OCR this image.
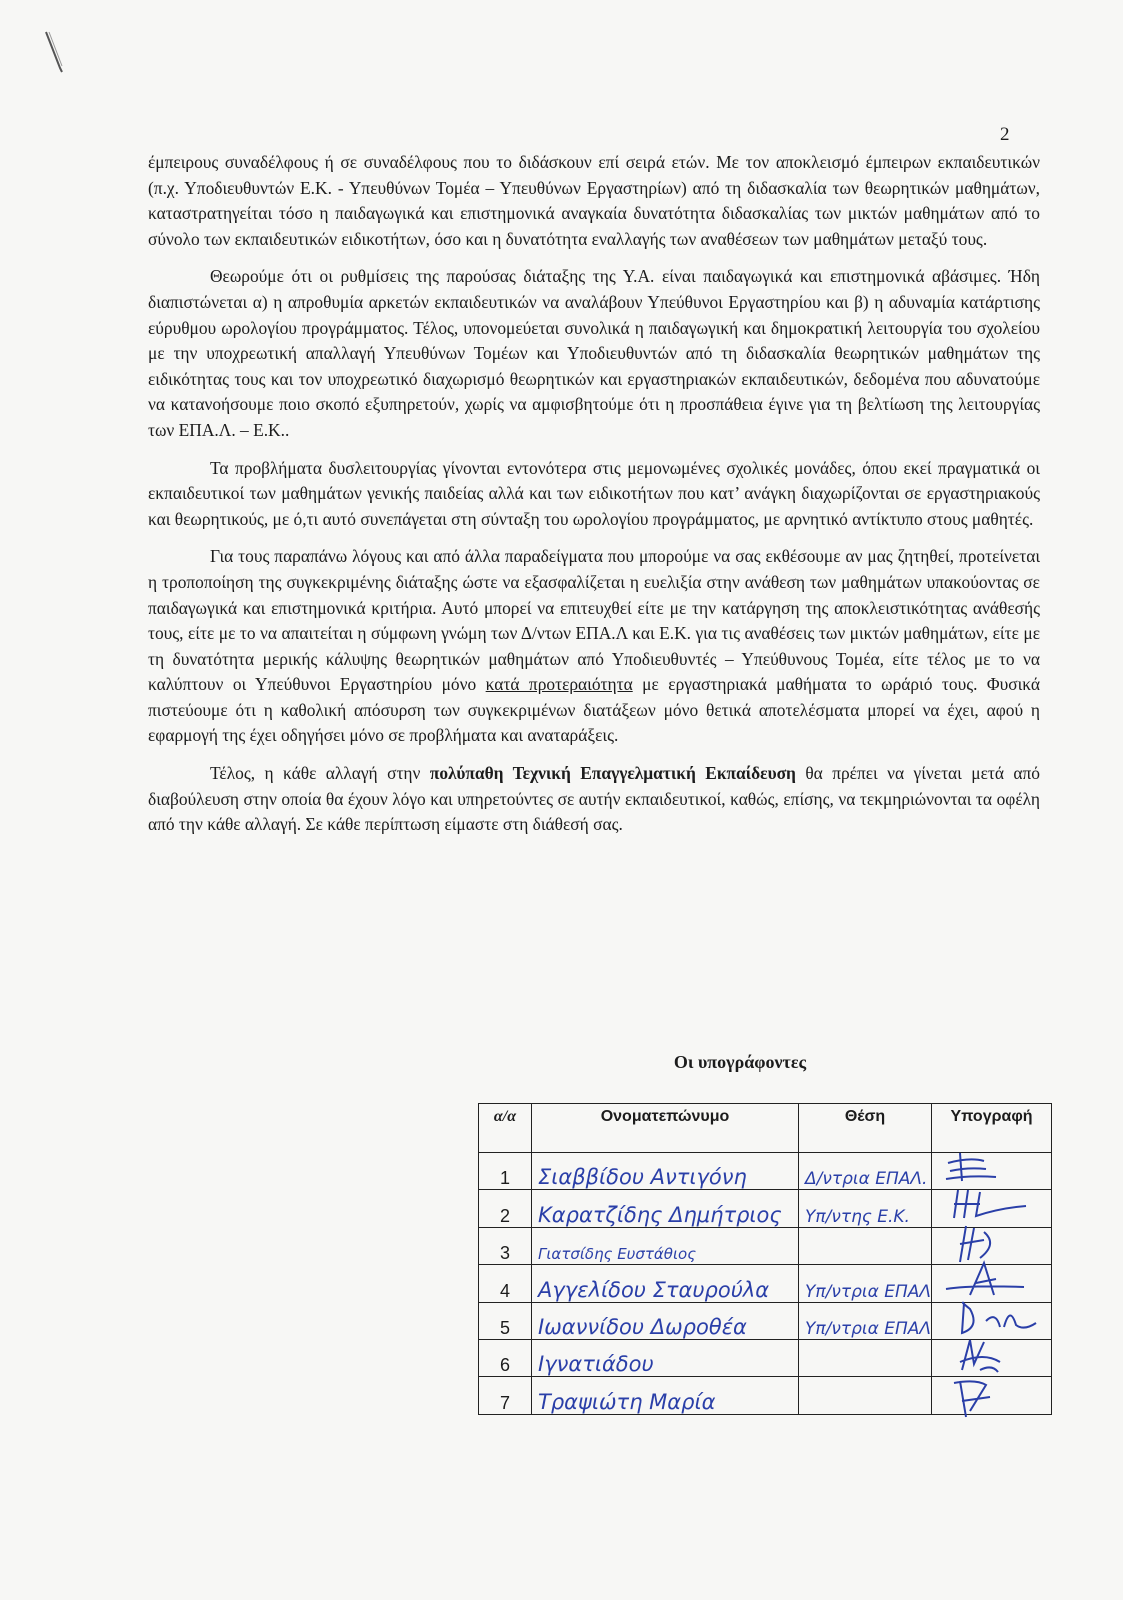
2

έμπειρους συναδέλφους ή σε συναδέλφους που το διδάσκουν επί σειρά ετών. Με τον αποκλεισμό έμπειρων εκπαιδευτικών (π.χ. Υποδιευθυντών Ε.Κ. - Υπευθύνων Τομέα – Υπευθύνων Εργαστηρίων) από τη διδασκαλία των θεωρητικών μαθημάτων, καταστρατηγείται τόσο η παιδαγωγικά και επιστημονικά αναγκαία δυνατότητα διδασκαλίας των μικτών μαθημάτων από το σύνολο των εκπαιδευτικών ειδικοτήτων, όσο και η δυνατότητα εναλλαγής των αναθέσεων των μαθημάτων μεταξύ τους.

Θεωρούμε ότι οι ρυθμίσεις της παρούσας διάταξης της Υ.Α. είναι παιδαγωγικά και επιστημονικά αβάσιμες. Ήδη διαπιστώνεται α) η απροθυμία αρκετών εκπαιδευτικών να αναλάβουν Υπεύθυνοι Εργαστηρίου και β) η αδυναμία κατάρτισης εύρυθμου ωρολογίου προγράμματος. Τέλος, υπονομεύεται συνολικά η παιδαγωγική και δημοκρατική λειτουργία του σχολείου με την υποχρεωτική απαλλαγή Υπευθύνων Τομέων και Υποδιευθυντών από τη διδασκαλία θεωρητικών μαθημάτων της ειδικότητας τους και τον υποχρεωτικό διαχωρισμό θεωρητικών και εργαστηριακών εκπαιδευτικών, δεδομένα που αδυνατούμε να κατανοήσουμε ποιο σκοπό εξυπηρετούν, χωρίς να αμφισβητούμε ότι η προσπάθεια έγινε για τη βελτίωση της λειτουργίας των ΕΠΑ.Λ. – Ε.Κ..

Τα προβλήματα δυσλειτουργίας γίνονται εντονότερα στις μεμονωμένες σχολικές μονάδες, όπου εκεί πραγματικά οι εκπαιδευτικοί των μαθημάτων γενικής παιδείας αλλά και των ειδικοτήτων που κατ’ ανάγκη διαχωρίζονται σε εργαστηριακούς και θεωρητικούς, με ό,τι αυτό συνεπάγεται στη σύνταξη του ωρολογίου προγράμματος, με αρνητικό αντίκτυπο στους μαθητές.

Για τους παραπάνω λόγους και από άλλα παραδείγματα που μπορούμε να σας εκθέσουμε αν μας ζητηθεί, προτείνεται η τροποποίηση της συγκεκριμένης διάταξης ώστε να εξασφαλίζεται η ευελιξία στην ανάθεση των μαθημάτων υπακούοντας σε παιδαγωγικά και επιστημονικά κριτήρια. Αυτό μπορεί να επιτευχθεί είτε με την κατάργηση της αποκλειστικότητας ανάθεσής τους, είτε με το να απαιτείται η σύμφωνη γνώμη των Δ/ντων ΕΠΑ.Λ και Ε.Κ. για τις αναθέσεις των μικτών μαθημάτων, είτε με τη δυνατότητα μερικής κάλυψης θεωρητικών μαθημάτων από Υποδιευθυντές – Υπεύθυνους Τομέα, είτε τέλος με το να καλύπτουν οι Υπεύθυνοι Εργαστηρίου μόνο κατά προτεραιότητα με εργαστηριακά μαθήματα το ωράριό τους. Φυσικά πιστεύουμε ότι η καθολική απόσυρση των συγκεκριμένων διατάξεων μόνο θετικά αποτελέσματα μπορεί να έχει, αφού η εφαρμογή της έχει οδηγήσει μόνο σε προβλήματα και αναταράξεις.

Τέλος, η κάθε αλλαγή στην πολύπαθη Τεχνική Επαγγελματική Εκπαίδευση θα πρέπει να γίνεται μετά από διαβούλευση στην οποία θα έχουν λόγο και υπηρετούντες σε αυτήν εκπαιδευτικοί, καθώς, επίσης, να τεκμηριώνονται τα οφέλη από την κάθε αλλαγή. Σε κάθε περίπτωση είμαστε στη διάθεσή σας.

Οι υπογράφοντες
α/α	Ονοματεπώνυμο	Θέση	Υπογραφή
1	Σιαββίδου Αντιγόνη	Δ/ντρια ΕΠΑΛ.	

2	Καρατζίδης Δημήτριος	Υπ/ντης Ε.Κ.	

3	Γιατσίδης Ευστάθιος		

4	Αγγελίδου Σταυρούλα	Υπ/ντρια ΕΠΑΛ	

5	Ιωαννίδου Δωροθέα	Υπ/ντρια ΕΠΑΛ	

6	Ιγνατιάδου		

7	Τραψιώτη Μαρία		
